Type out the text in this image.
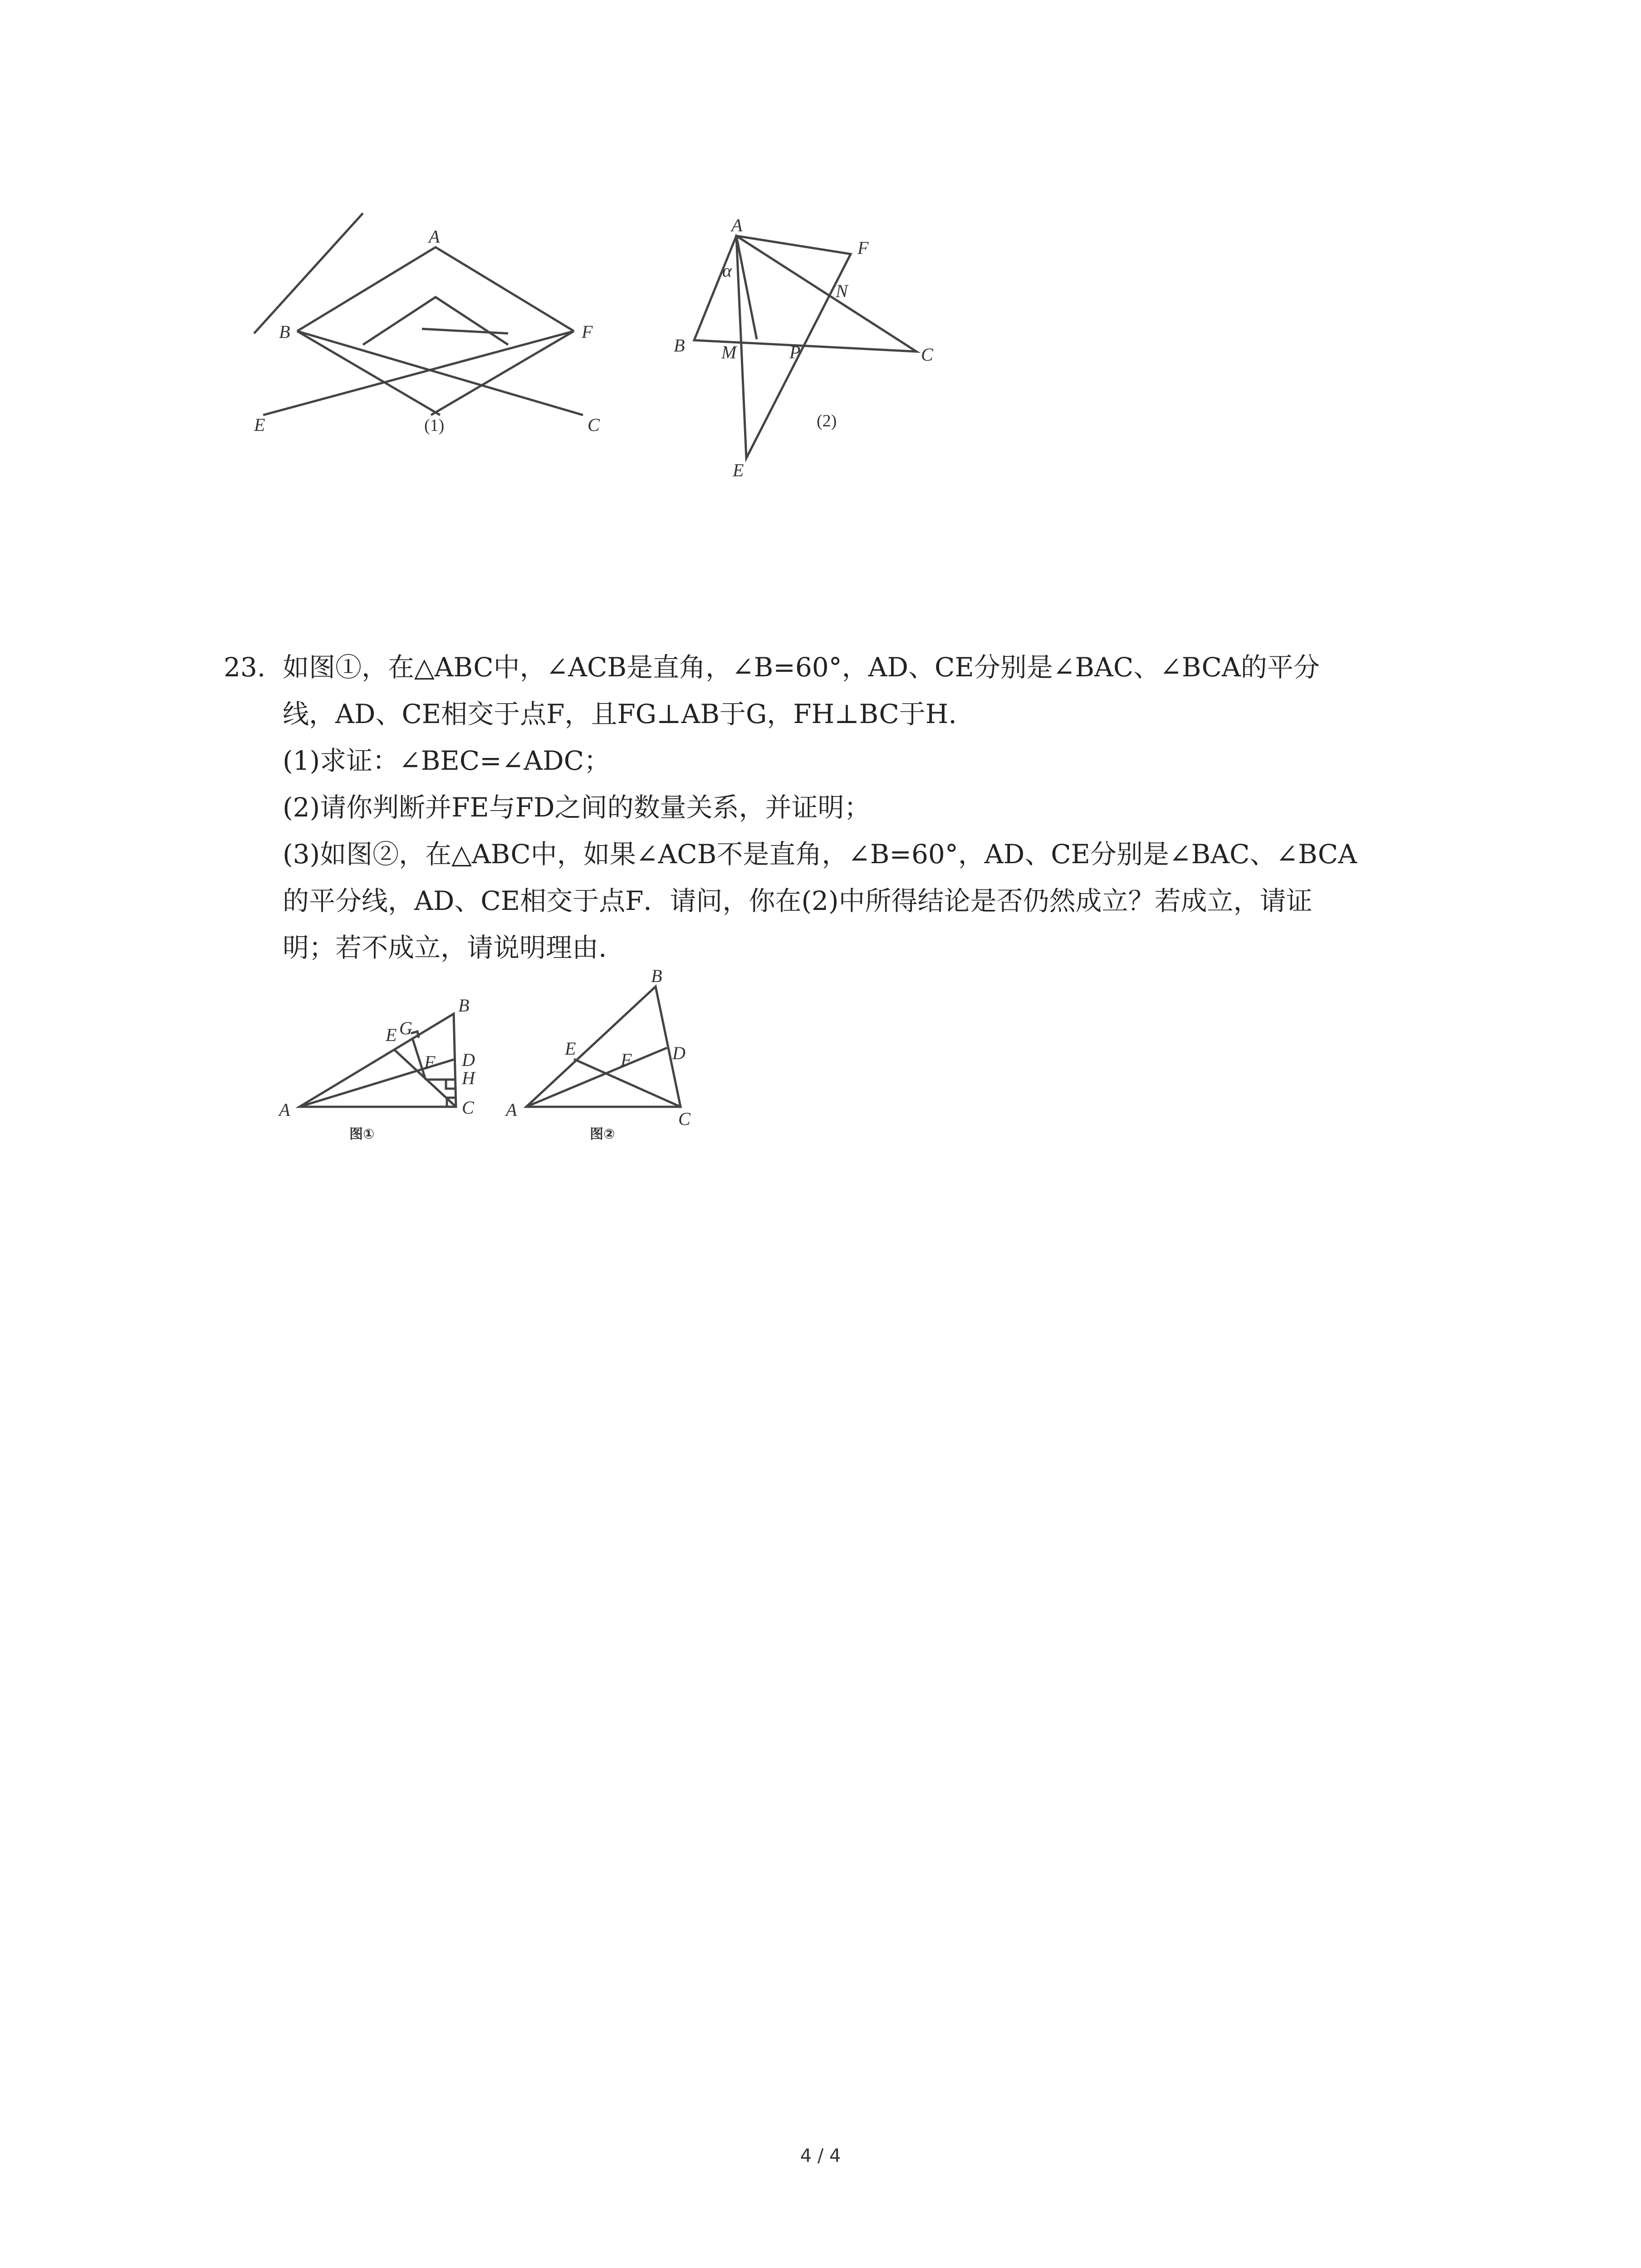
A
B	F
E	C
(1)
A
F
α
N
B M	P	C
E
(2)
23. 如图①，在△ABC中，∠ACB是直角，∠B=60°，AD、CE分别是∠BAC、∠BCA的平分
线，AD、CE相交于点F，且FG⊥AB于G，FH⊥BC于H.
(1)求证：∠BEC=∠ADC；
(2)请你判断并FE与FD之间的数量关系，并证明；
(3)如图②，在△ABC中，如果∠ACB不是直角，∠B=60°，AD、CE分别是∠BAC、∠BCA
的平分线，AD、CE相交于点F．请问，你在(2)中所得结论是否仍然成立？若成立，请证
明；若不成立，请说明理由.
B
E G
F D
H
A	C
图①
B
E
F D
A	C
图②
4 / 4
